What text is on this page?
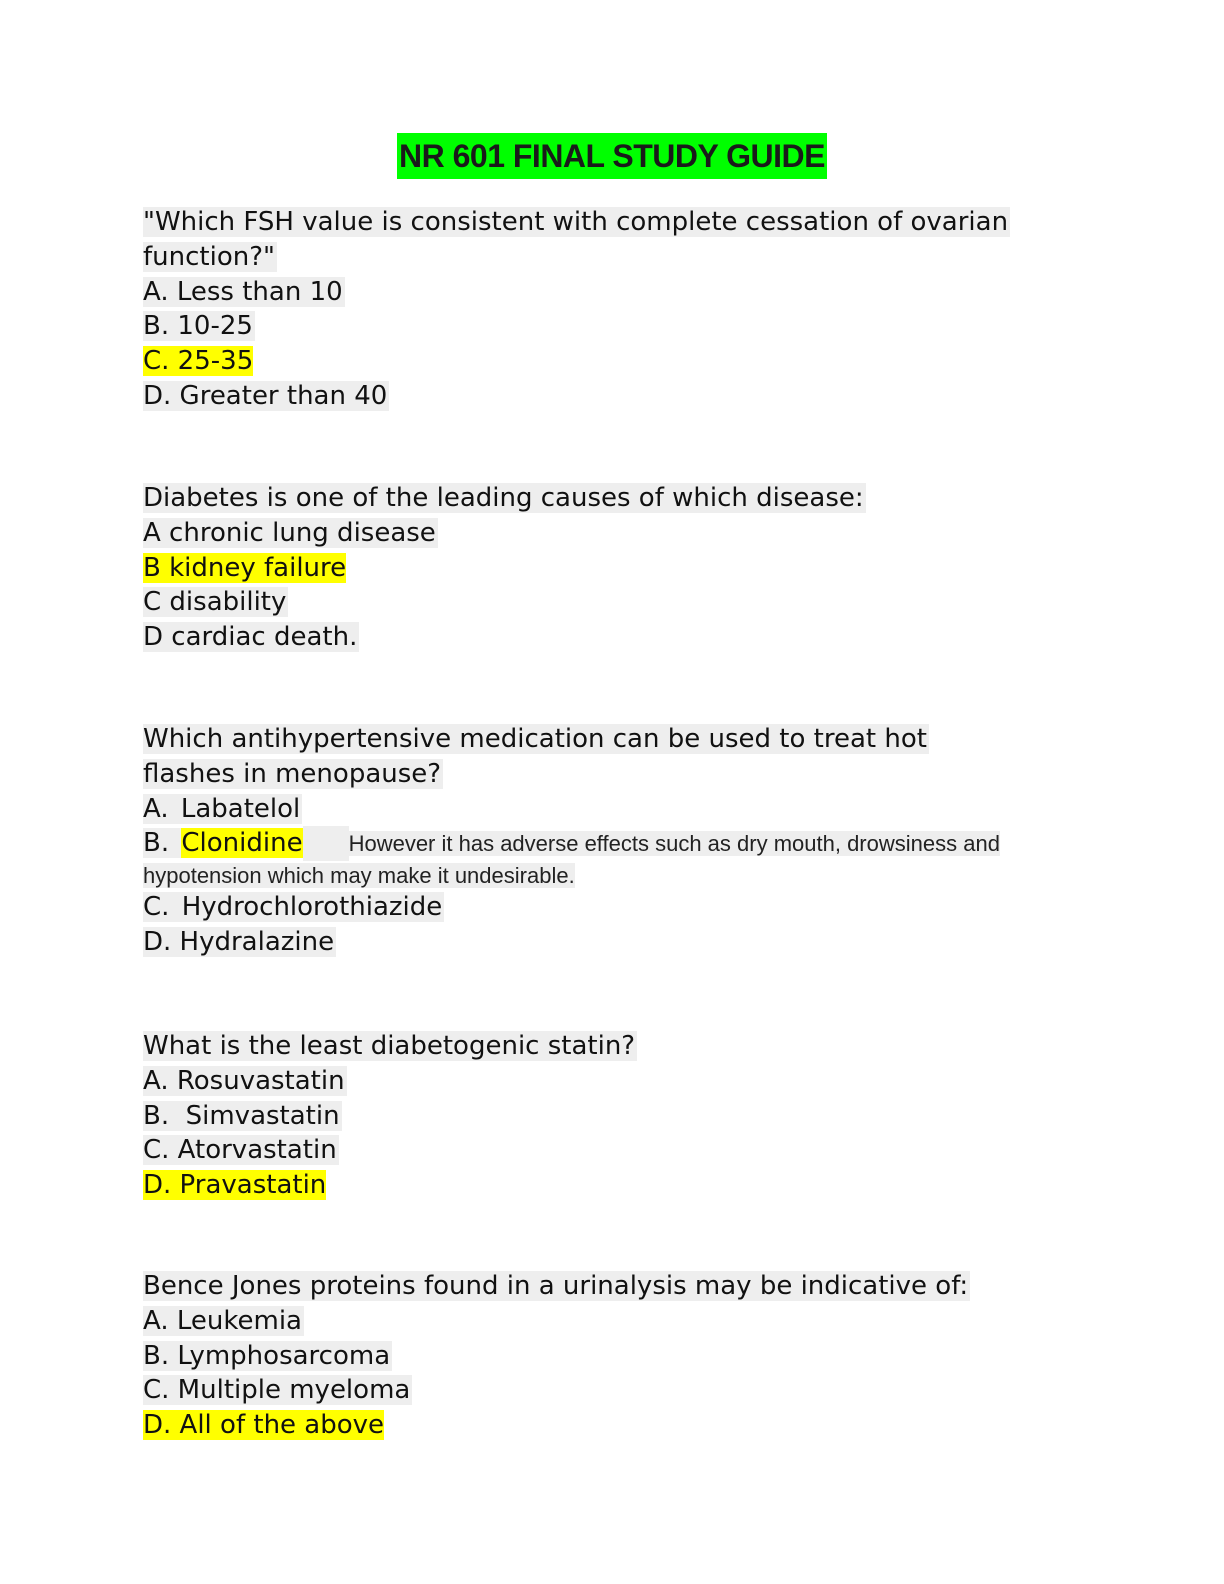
NR 601 FINAL STUDY GUIDE
"Which FSH value is consistent with complete cessation of ovarian
function?"
A. Less than 10
B. 10-25
C. 25-35
D. Greater than 40
Diabetes is one of the leading causes of which disease:
A chronic lung disease
B kidney failure
C disability
D cardiac death.
Which antihypertensive medication can be used to treat hot
flashes in menopause?
A. Labatelol
B. Clonidine However it has adverse effects such as dry mouth, drowsiness and
hypotension which may make it undesirable.
C. Hydrochlorothiazide
D. Hydralazine
What is the least diabetogenic statin?
A. Rosuvastatin
B.  Simvastatin
C. Atorvastatin
D. Pravastatin
Bence Jones proteins found in a urinalysis may be indicative of:
A. Leukemia
B. Lymphosarcoma
C. Multiple myeloma
D. All of the above
